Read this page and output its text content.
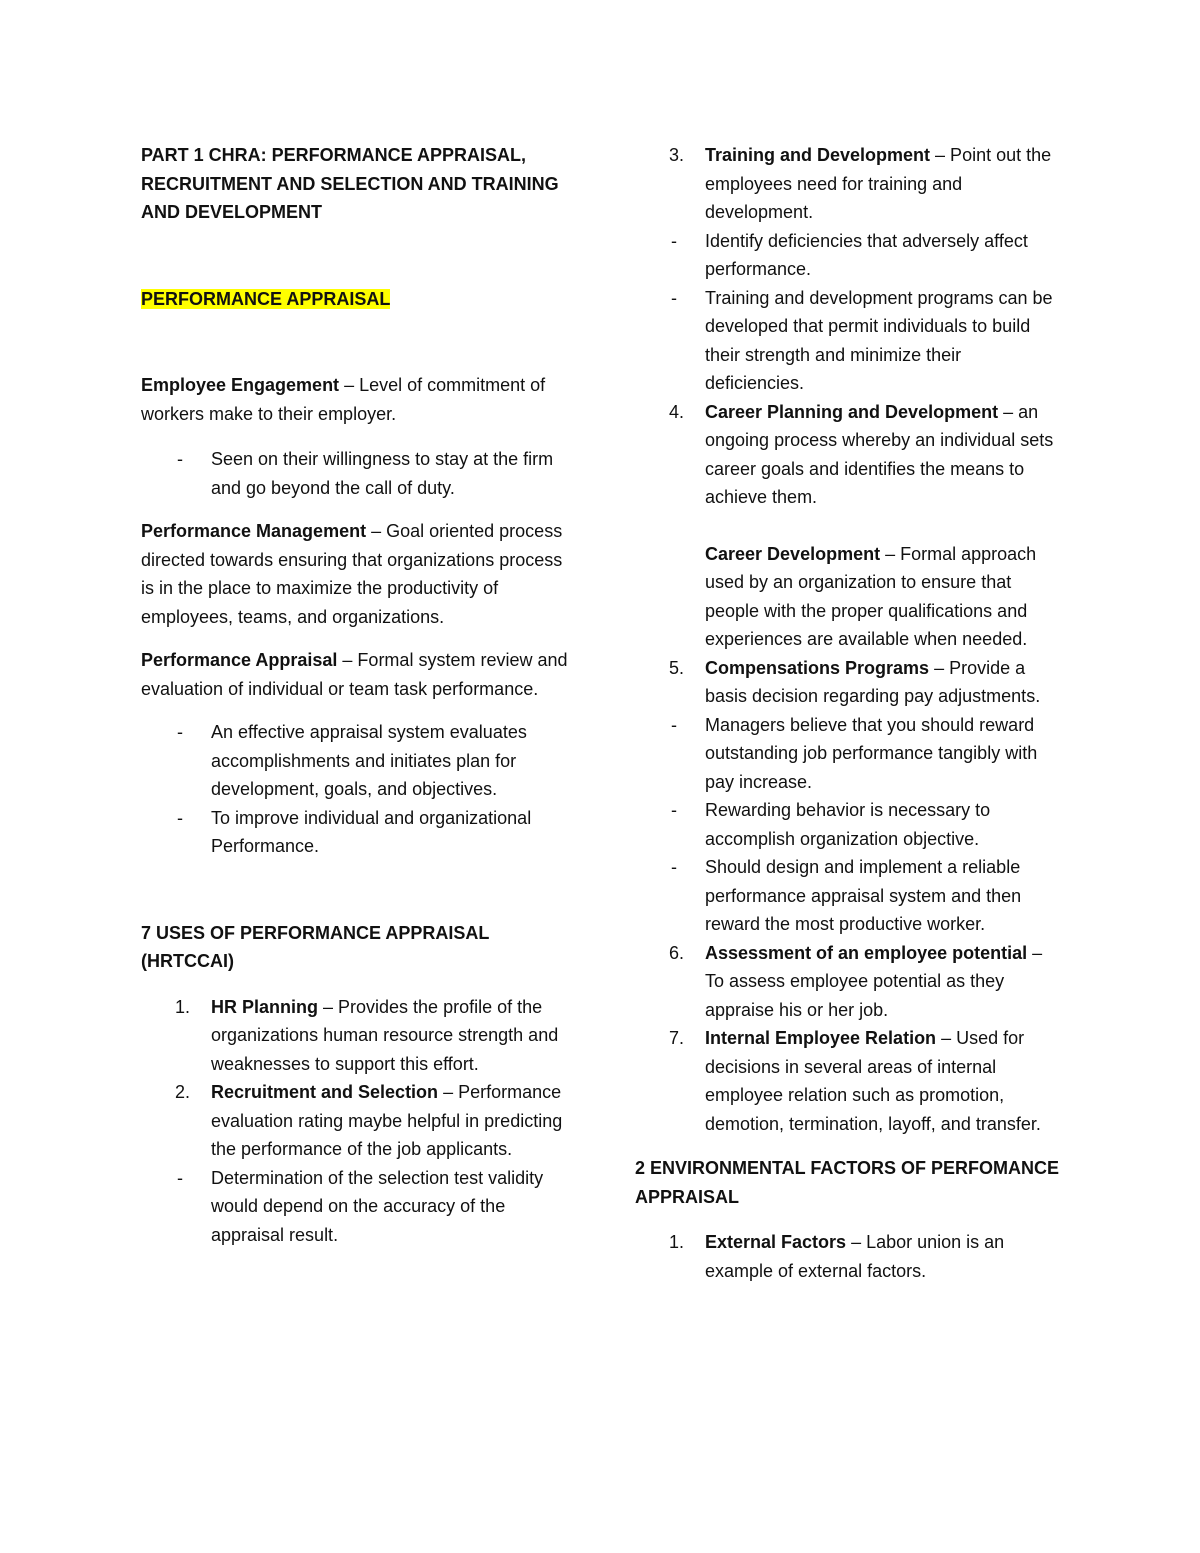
PART 1 CHRA: PERFORMANCE APPRAISAL, RECRUITMENT AND SELECTION AND TRAINING AND DEVELOPMENT

PERFORMANCE APPRAISAL

Employee Engagement – Level of commitment of workers make to their employer.

- Seen on their willingness to stay at the firm and go beyond the call of duty.

Performance Management – Goal oriented process directed towards ensuring that organizations process is in the place to maximize the productivity of employees, teams, and organizations.

Performance Appraisal – Formal system review and evaluation of individual or team task performance.

- An effective appraisal system evaluates accomplishments and initiates plan for development, goals, and objectives.

- To improve individual and organizational Performance.

7 USES OF PERFORMANCE APPRAISAL (HRTCCAI)

1. HR Planning – Provides the profile of the organizations human resource strength and weaknesses to support this effort.

2. Recruitment and Selection – Performance evaluation rating maybe helpful in predicting the performance of the job applicants.

- Determination of the selection test validity would depend on the accuracy of the appraisal result.

3. Training and Development – Point out the employees need for training and development.

- Identify deficiencies that adversely affect performance.

- Training and development programs can be developed that permit individuals to build their strength and minimize their deficiencies.

4. Career Planning and Development – an ongoing process whereby an individual sets career goals and identifies the means to achieve them.

Career Development – Formal approach used by an organization to ensure that people with the proper qualifications and experiences are available when needed.

5. Compensations Programs – Provide a basis decision regarding pay adjustments.

- Managers believe that you should reward outstanding job performance tangibly with pay increase.

- Rewarding behavior is necessary to accomplish organization objective.

- Should design and implement a reliable performance appraisal system and then reward the most productive worker.

6. Assessment of an employee potential – To assess employee potential as they appraise his or her job.

7. Internal Employee Relation – Used for decisions in several areas of internal employee relation such as promotion, demotion, termination, layoff, and transfer.

2 ENVIRONMENTAL FACTORS OF PERFOMANCE APPRAISAL

1. External Factors – Labor union is an example of external factors.
